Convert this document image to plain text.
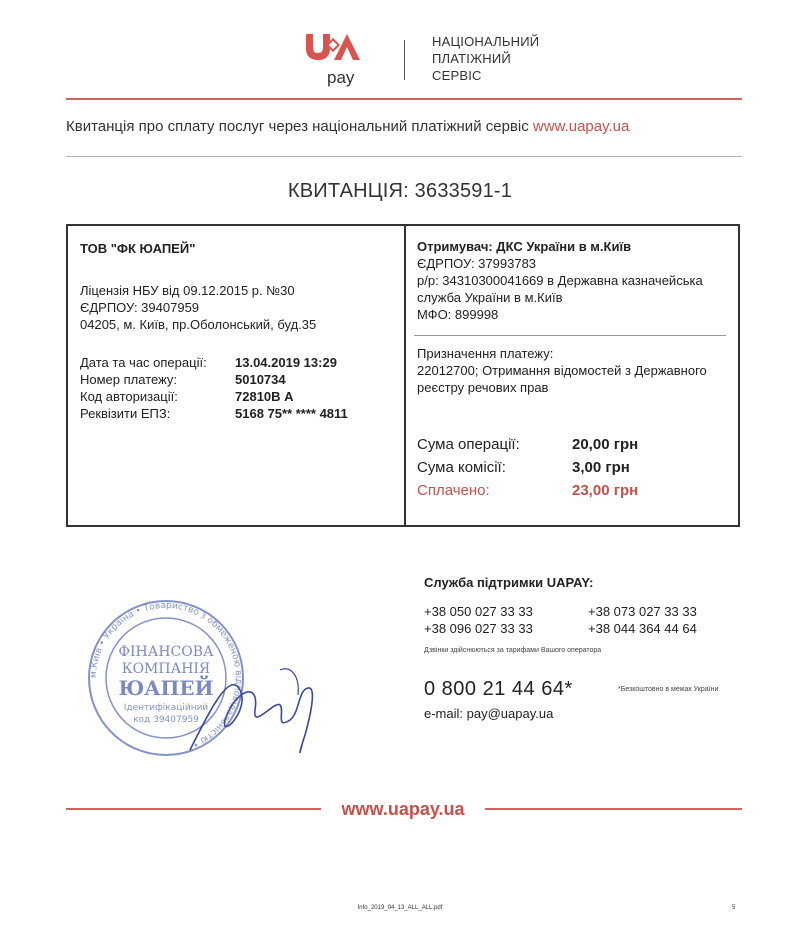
pay
НАЦІОНАЛЬНИЙ
ПЛАТІЖНИЙ
СЕРВІС
Квитанція про сплату послуг через національний платіжний сервіс www.uapay.ua
КВИТАНЦІЯ: 3633591-1
ТОВ "ФК ЮАПЕЙ"
Ліцензія НБУ від 09.12.2015 р. №30
ЄДРПОУ: 39407959
04205, м. Київ, пр.Оболонський, буд.35
Дата та час операції: 13.04.2019 13:29
Номер платежу:	5010734
Код авторизації:	72810В А
Реквізити ЕПЗ:	5168 75** **** 4811
Отримувач: ДКС України в м.Київ
ЄДРПОУ: 37993783
р/р: 34310300041669 в Державна казначейська служба України в м.Київ
МФО: 899998
Призначення платежу:
22012700; Отримання відомостей з Державного реєстру речових прав
Сума операції:	20,00 грн
Сума комісії:	3,00 грн
Сплачено:	23,00 грн
м.Київ • Україна • Товариство з обмеженою відповідальністю •
ФІНАНСОВА
КОМПАНІЯ
ЮАПЕЙ
Ідентифікаційний
код 39407959
Служба підтримки UAPAY:
+38 050 027 33 33	+38 073 027 33 33
+38 096 027 33 33	+38 044 364 44 64
Дзвінки здійснюються за тарифами Вашого оператора
0 800 21 44 64*	*Безкоштовно в межах України
e-mail: pay@uapay.ua
www.uapay.ua
Info_2019_04_13_ALL_ALL.pdf	5
